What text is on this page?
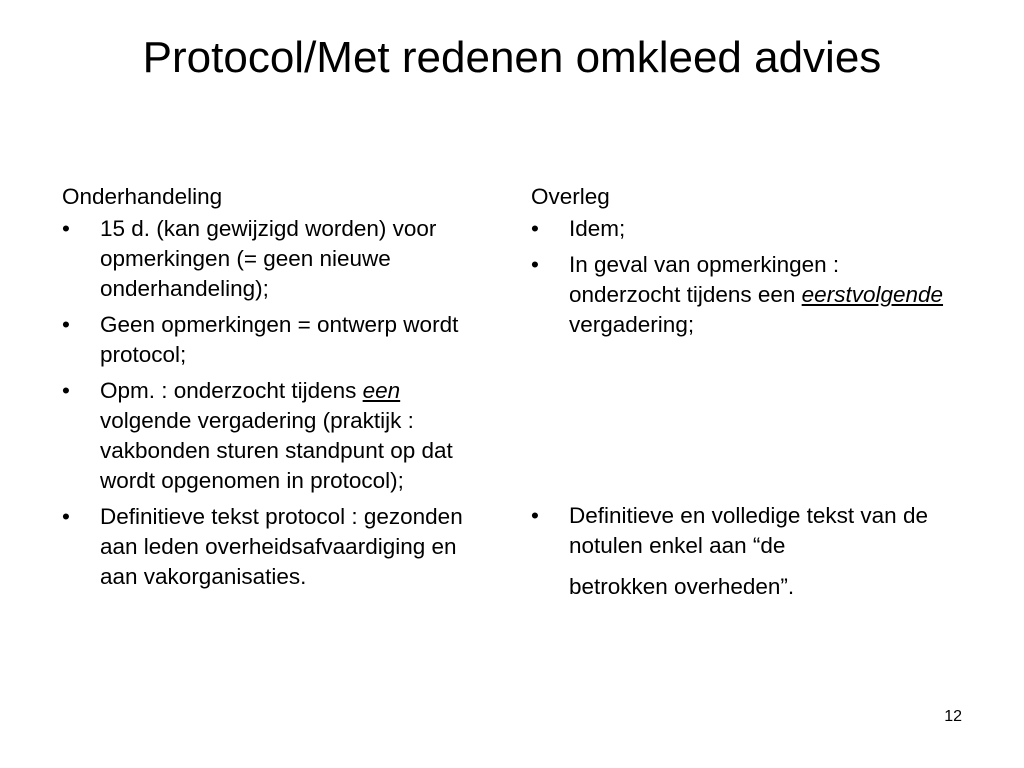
Protocol/Met redenen omkleed advies
Onderhandeling
• 15 d. (kan gewijzigd worden) voor opmerkingen (= geen nieuwe onderhandeling);
• Geen opmerkingen = ontwerp wordt protocol;
• Opm. : onderzocht tijdens een volgende vergadering (praktijk : vakbonden sturen standpunt op dat wordt opgenomen in protocol);
• Definitieve tekst protocol : gezonden aan leden overheidsafvaardiging en aan vakorganisaties.
Overleg
• Idem;
• In geval van opmerkingen : onderzocht tijdens een eerstvolgende vergadering;
• Definitieve en volledige tekst van de notulen enkel aan “de
betrokken overheden”.
12
